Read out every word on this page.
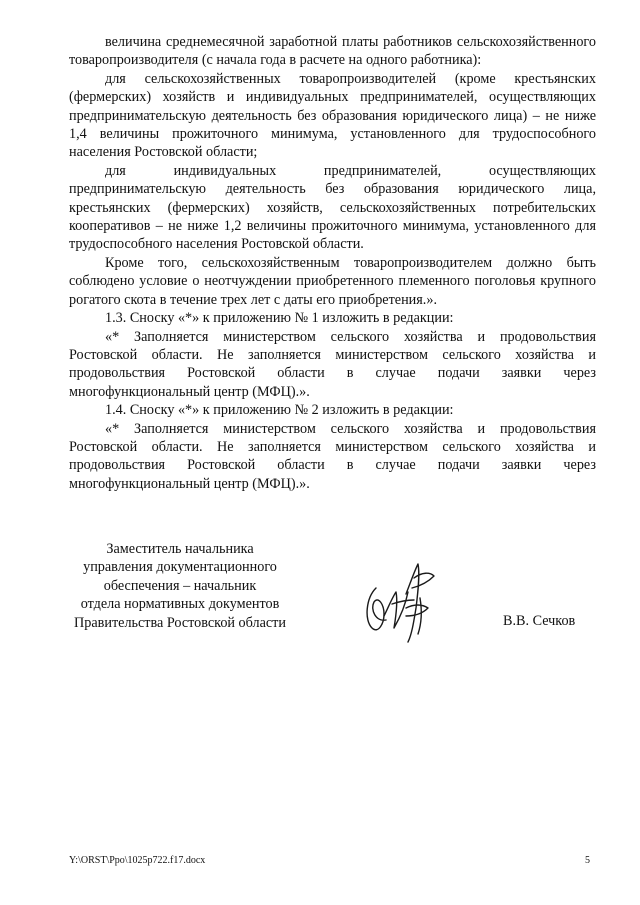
величина среднемесячной заработной платы работников сельскохозяйственного товаропроизводителя (с начала года в расчете на одного работника):

для сельскохозяйственных товаропроизводителей (кроме крестьянских (фермерских) хозяйств и индивидуальных предпринимателей, осуществляющих предпринимательскую деятельность без образования юридического лица) – не ниже 1,4 величины прожиточного минимума, установленного для трудоспособного населения Ростовской области;

для индивидуальных предпринимателей, осуществляющих предпринимательскую деятельность без образования юридического лица, крестьянских (фермерских) хозяйств, сельскохозяйственных потребительских кооперативов – не ниже 1,2 величины прожиточного минимума, установленного для трудоспособного населения Ростовской области.

Кроме того, сельскохозяйственным товаропроизводителем должно быть соблюдено условие о неотчуждении приобретенного племенного поголовья крупного рогатого скота в течение трех лет с даты его приобретения.».

1.3. Сноску «*» к приложению № 1 изложить в редакции:

«* Заполняется министерством сельского хозяйства и продовольствия Ростовской области. Не заполняется министерством сельского хозяйства и продовольствия Ростовской области в случае подачи заявки через многофункциональный центр (МФЦ).».

1.4. Сноску «*» к приложению № 2 изложить в редакции:

«* Заполняется министерством сельского хозяйства и продовольствия Ростовской области. Не заполняется министерством сельского хозяйства и продовольствия Ростовской области в случае подачи заявки через многофункциональный центр (МФЦ).».

Заместитель начальника
управления документационного
обеспечения – начальник
отдела нормативных документов
Правительства Ростовской области	В.В. Сечков
Y:\ORST\Ppo\1025p722.f17.docx	5
